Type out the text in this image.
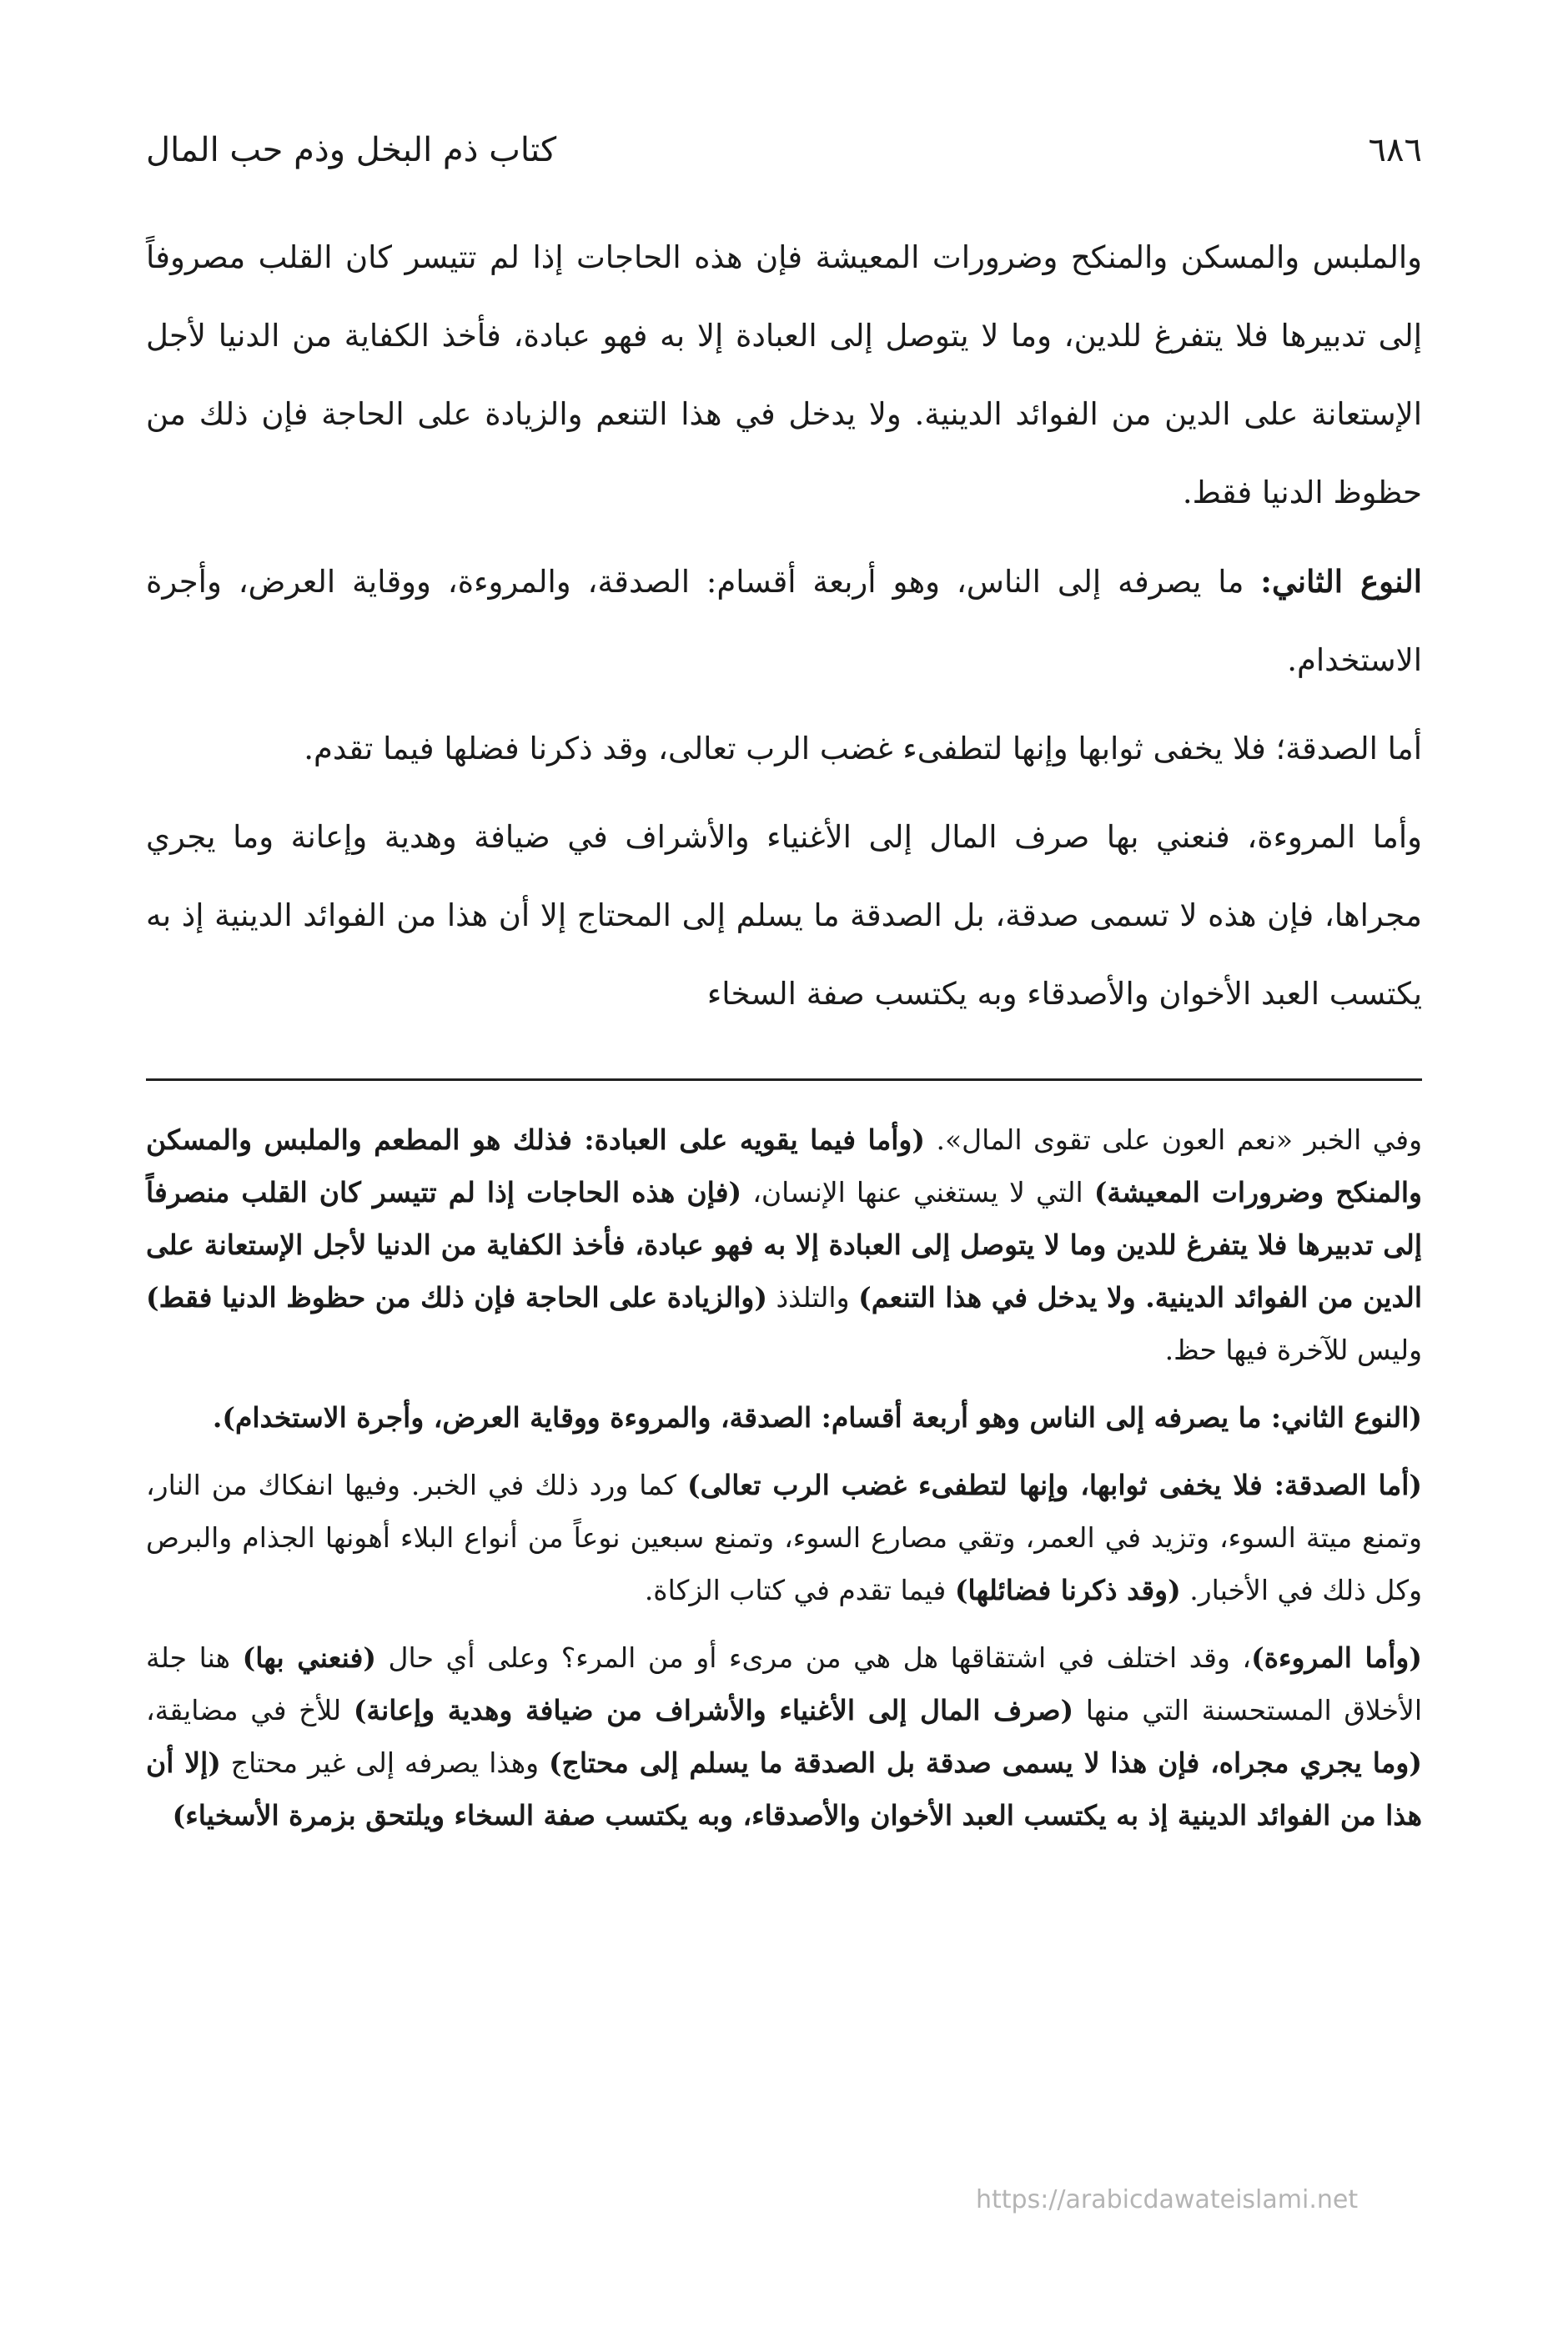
٦٨٦
كتاب ذم البخل وذم حب المال

والملبس والمسكن والمنكح وضرورات المعيشة فإن هذه الحاجات إذا لم تتيسر كان القلب مصروفاً إلى تدبيرها فلا يتفرغ للدين، وما لا يتوصل إلى العبادة إلا به فهو عبادة، فأخذ الكفاية من الدنيا لأجل الإستعانة على الدين من الفوائد الدينية. ولا يدخل في هذا التنعم والزيادة على الحاجة فإن ذلك من حظوظ الدنيا فقط.

النوع الثاني: ما يصرفه إلى الناس، وهو أربعة أقسام: الصدقة، والمروءة، ووقاية العرض، وأجرة الاستخدام.

أما الصدقة؛ فلا يخفى ثوابها وإنها لتطفىء غضب الرب تعالى، وقد ذكرنا فضلها فيما تقدم.

وأما المروءة، فنعني بها صرف المال إلى الأغنياء والأشراف في ضيافة وهدية وإعانة وما يجري مجراها، فإن هذه لا تسمى صدقة، بل الصدقة ما يسلم إلى المحتاج إلا أن هذا من الفوائد الدينية إذ به يكتسب العبد الأخوان والأصدقاء وبه يكتسب صفة السخاء

وفي الخبر «نعم العون على تقوى المال». (وأما فيما يقويه على العبادة: فذلك هو المطعم والملبس والمسكن والمنكح وضرورات المعيشة) التي لا يستغني عنها الإنسان، (فإن هذه الحاجات إذا لم تتيسر كان القلب منصرفاً إلى تدبيرها فلا يتفرغ للدين وما لا يتوصل إلى العبادة إلا به فهو عبادة، فأخذ الكفاية من الدنيا لأجل الإستعانة على الدين من الفوائد الدينية. ولا يدخل في هذا التنعم) والتلذذ (والزيادة على الحاجة فإن ذلك من حظوظ الدنيا فقط) وليس للآخرة فيها حظ.

(النوع الثاني: ما يصرفه إلى الناس وهو أربعة أقسام: الصدقة، والمروءة ووقاية العرض، وأجرة الاستخدام).

(أما الصدقة: فلا يخفى ثوابها، وإنها لتطفىء غضب الرب تعالى) كما ورد ذلك في الخبر. وفيها انفكاك من النار، وتمنع ميتة السوء، وتزيد في العمر، وتقي مصارع السوء، وتمنع سبعين نوعاً من أنواع البلاء أهونها الجذام والبرص وكل ذلك في الأخبار. (وقد ذكرنا فضائلها) فيما تقدم في كتاب الزكاة.

(وأما المروءة)، وقد اختلف في اشتقاقها هل هي من مرىء أو من المرء؟ وعلى أي حال (فنعني بها) هنا جلة الأخلاق المستحسنة التي منها (صرف المال إلى الأغنياء والأشراف من ضيافة وهدية وإعانة) للأخ في مضايقة، (وما يجري مجراه، فإن هذا لا يسمى صدقة بل الصدقة ما يسلم إلى محتاج) وهذا يصرفه إلى غير محتاج (إلا أن هذا من الفوائد الدينية إذ به يكتسب العبد الأخوان والأصدقاء، وبه يكتسب صفة السخاء ويلتحق بزمرة الأسخياء)

https://arabicdawateislami.net
